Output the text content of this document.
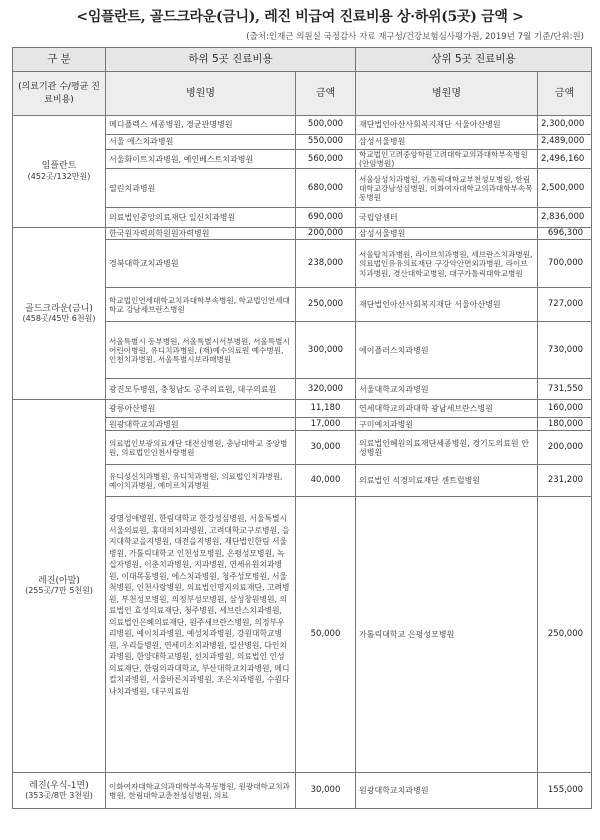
<임플란트, 골드크라운(금니), 레진 비급여 진료비용 상·하위(5곳) 금액 >
(출처:인재근 의원실 국정감사 자료 재구성/건강보험심사평가원, 2019년 7월 기준/단위:원)
구 분	하위 5곳 진료비용		상위 5곳 진료비용	
(의료기관 수/평균 진료비용)	병원명	금액	병원명	금액

임플란트
(452곳/132만원)	메디플렉스 세종병원, 경균관명병원	500,000	재단법인아산사회복지재단 서울아산병원	2,300,000
	서울 에스치과병원	550,000	삼성서울병원	2,489,000
	서울화이트치과병원, 예인베스트치과병원	560,000	학교법인고려중앙학원고려대학교의과대학부속병원(안암병원)	2,496,160
	열린치과병원	680,000	서울삼성치과병원, 가톨릭대학교부천성모병원, 한림대학교강남성심병원, 이화여자대학교의과대학부속목동병원	2,500,000
	의료법인중앙의료재단 일신치과병원	690,000	국립암센터	2,836,000

골드크라운(금니)
(458곳/45만 6천원)	한국원자력의학원원자력병원	200,000	삼성서울병원	696,300
	경북대학교치과병원	238,000	서울탑치과병원, 라이브치과병원, 세브란스치과병원, 의료법인유유의료재단 구강악안면외과병원, 라이브치과병원, 경산대학교병원, 대구가톨릭대학교병원	700,000
	학교법인연세대학교치과대학부속병원, 학교법인연세대학교 강남세브란스병원	250,000	재단법인아산사회복지재단 서울아산병원	727,000
	서울특별시 동부병원, 서울특별시서부병원, 서울특별시 어린이병원, 유디치과병원, (재)예수의료원 예수병원, 인천치과병원, 서울특별시보라매병원	300,000	에이플러스치과병원	730,000
	광진모두병원, 충청남도 공주의료원, 대구의료원	320,000	서울대학교치과병원	731,550

레진(아말)
(255곳/7만 5천원)	광릉아산병원	11,180	연세대학교의과대학 광남세브란스병원	160,000
	원광대학교치과병원	17,000	구미예치과병원	180,000
	의료법인보광의료재단 대전선병원, 충남대학교 중앙병원, 의료법인인천사랑병원	30,000	의료법인혜원의료재단세종병원, 경기도의료원 안성병원	200,000
	유디성신치과병원, 유디치과병원, 의료법인치과병원, 예이치과병원, 예미르치과병원	40,000	의료법인 석경의료재단 센트럴병원	231,200
	광명성애병원, 한림대학교 한강성심병원, 서울특별시서울의료원, 휴대의치과병원, 고려대학교구로병원, 을지대학교을지병원, 대전을지병원, 재단법인한림 서울병원, 가톨릭대학교 인천성모병원, 은평성모병원, 녹십자병원, 이춘치과병원, 지과병원, 연세유원치과병원, 이대목동병원, 에스치과병원, 청주성모병원, 서울척병원, 인천사랑병원, 의료법인명지의료재단, 고려병원, 부천성모병원, 의정부성모병원, 삼성창원병원, 의료법인 효성의료재단, 청주병원, 세브란스치과병원, 의료법인은혜의료재단, 원주세브란스병원, 의정부우리병원, 예이치과병원, 예성치과병원, 강원대학교병원, 우리들병원, 연세미소치과병원, 일산병원, 다인치과병원, 한양대학교병원, 선치과병원, 의료법인 인성의료재단, 한림의과대학교, 부산대학교치과병원, 메디컬치과병원, 서울바른치과병원, 조은치과병원, 수원다나치과병원, 대구의료원	50,000	가톨릭대학교 은평성모병원	250,000

레진(우식-1면)
(353곳/8만 3천원)	이화여자대학교의과대학부속목동병원, 원광대학교치과병원, 한림대학교춘천성심병원, 의료	30,000	원광대학교치과병원	155,000
